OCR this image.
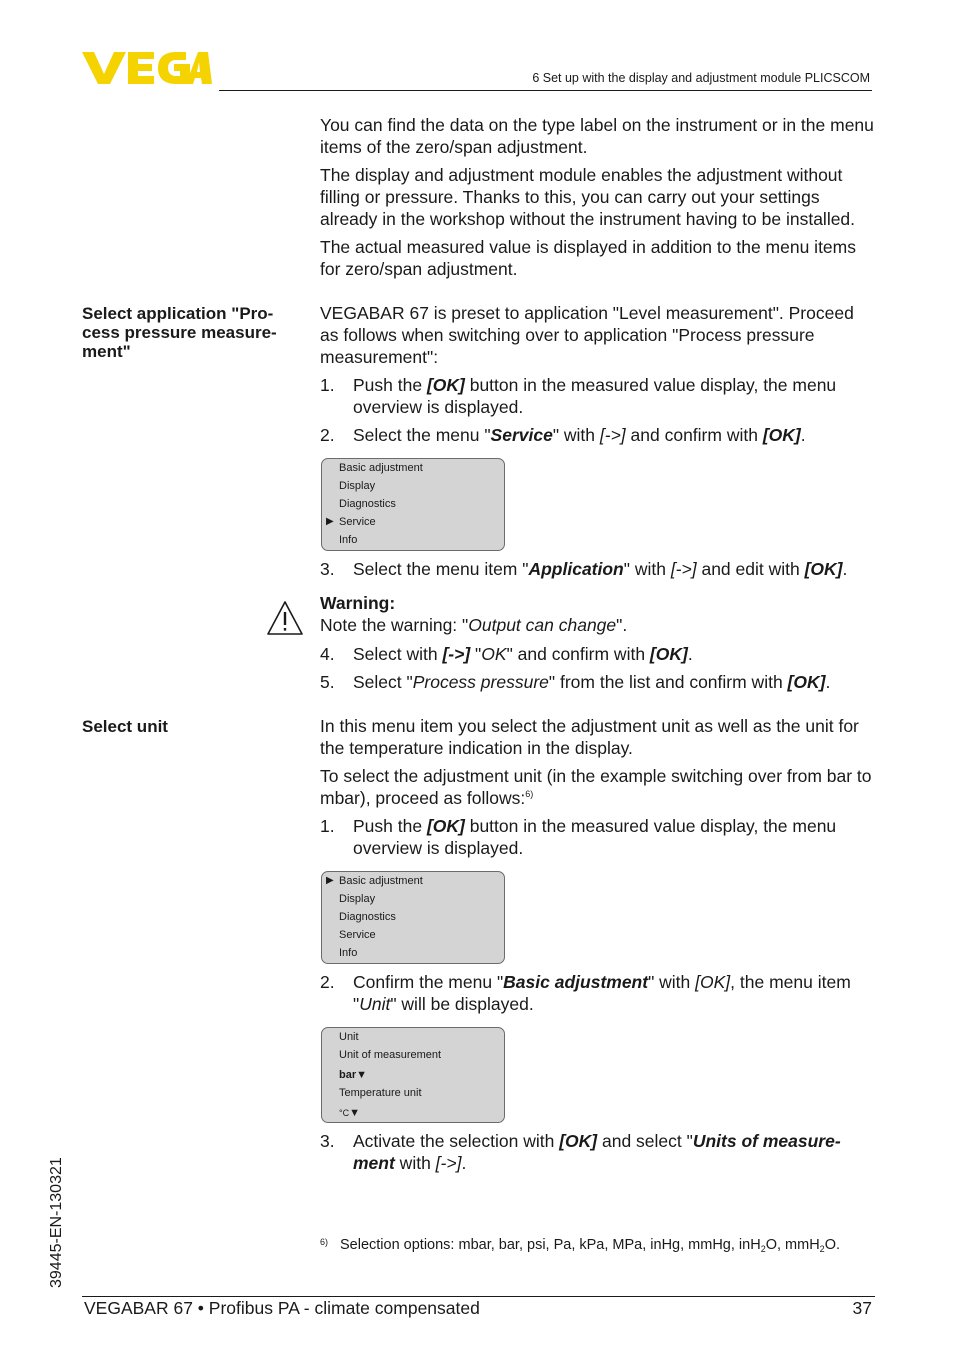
6 Set up with the display and adjustment module PLICSCOM
You can find the data on the type label on the instrument or in the menu items of the zero/span adjustment.
The display and adjustment module enables the adjustment without filling or pressure. Thanks to this, you can carry out your settings already in the workshop without the instrument having to be installed.
The actual measured value is displayed in addition to the menu items for zero/span adjustment.
Select application "Pro- cess pressure measure- ment"
VEGABAR 67 is preset to application "Level measurement". Proceed as follows when switching over to application "Process pressure measurement":
1.	Push the [OK] button in the measured value display, the menu overview is displayed.
2.	Select the menu "Service" with [->] and confirm with [OK].
Basic adjustment
Display
Diagnostics
▶ Service
Info
3.	Select the menu item "Application" with [->] and edit with [OK].
Warning:
Note the warning: "Output can change".
4.	Select with [->] "OK" and confirm with [OK].
5.	Select "Process pressure" from the list and confirm with [OK].
Select unit	In this menu item you select the adjustment unit as well as the unit for the temperature indication in the display.
To select the adjustment unit (in the example switching over from bar to mbar), proceed as follows:$^{6)}$
1.	Push the [OK] button in the measured value display, the menu overview is displayed.
▶ Basic adjustment
Display
Diagnostics
Service
Info
2.	Confirm the menu "Basic adjustment" with [OK], the menu item "Unit" will be displayed.
Unit
Unit of measurement
bar▼
Temperature unit
°C▼
3.	Activate the selection with [OK] and select "Units of measure- ment with [->].
6) Selection options: mbar, bar, psi, Pa, kPa, MPa, inHg, mmHg, inH$_2$O, mmH$_2$O.
39445-EN-130321
VEGABAR 67 • Profibus PA - climate compensated	37
